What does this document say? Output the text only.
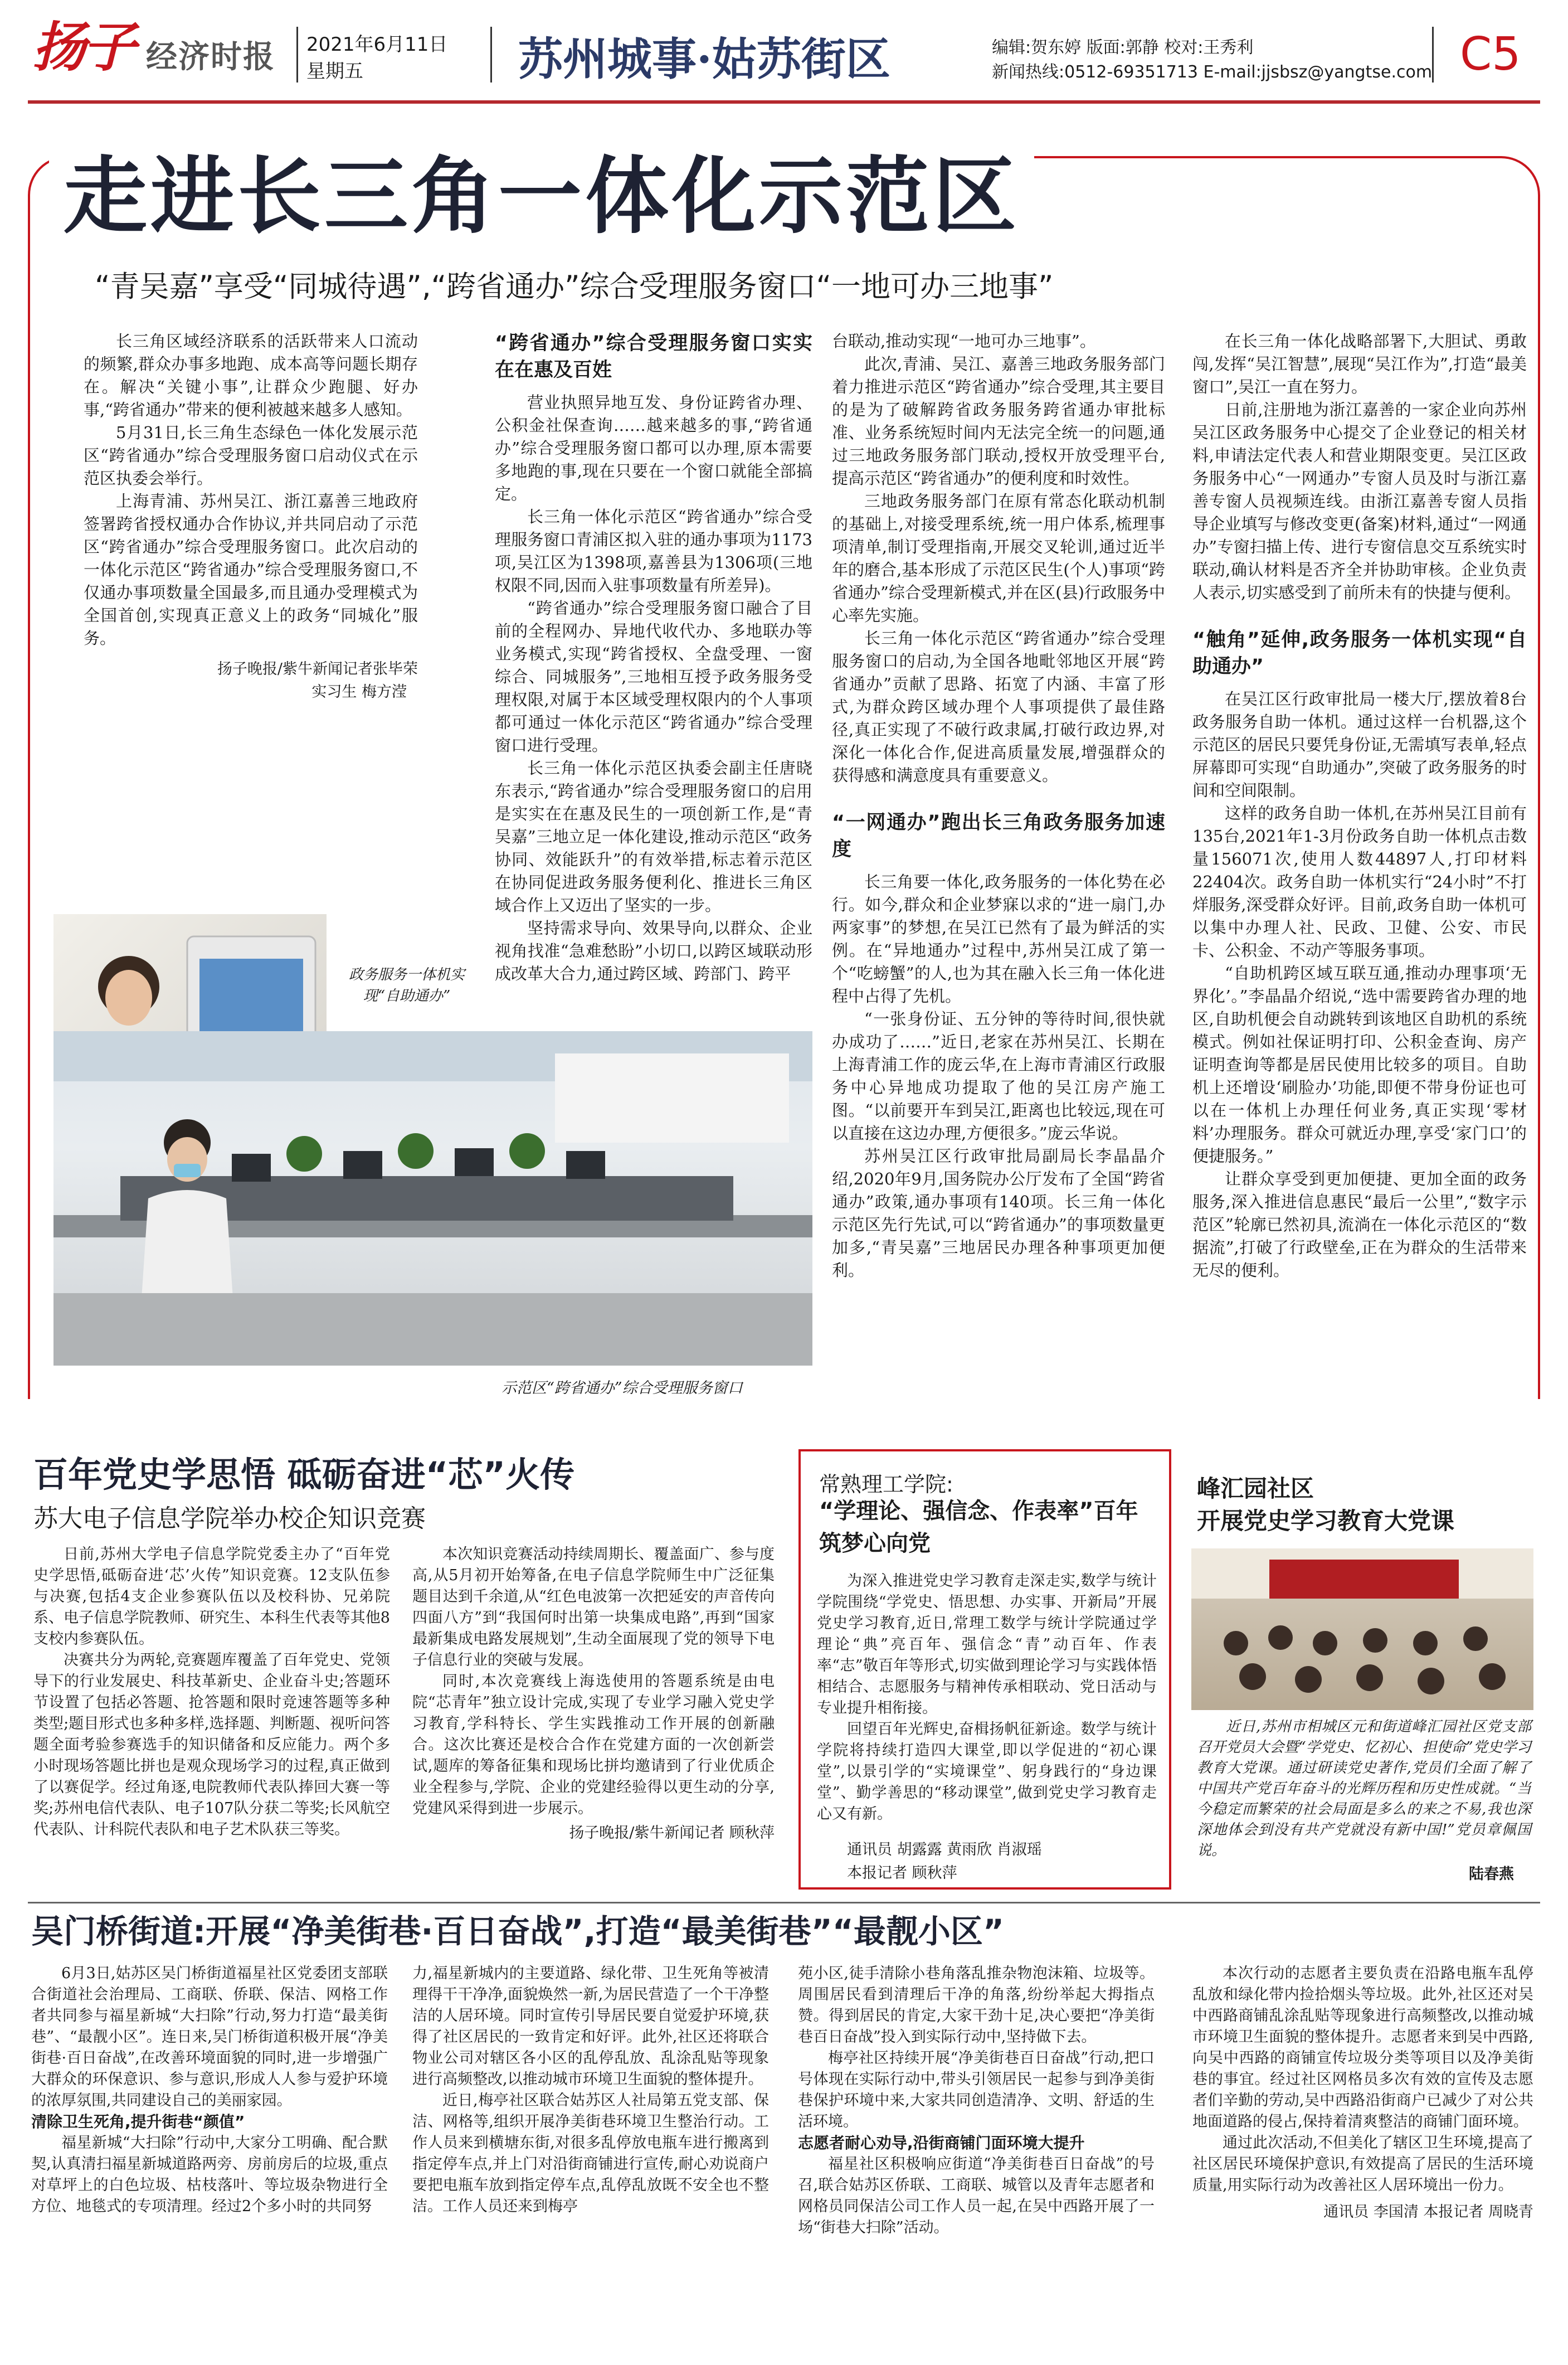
扬子 经济时报 2021年6月11日
星期五	苏州城事·姑苏街区	编辑:贺东婷 版面:郭静 校对:王秀利
新闻热线:0512-69351713 E-mail:jjsbsz@yangtse.com C5
走进长三角一体化示范区
“青吴嘉”享受“同城待遇”,“跨省通办”综合受理服务窗口“一地可办三地事”

长三角区域经济联系的活跃带来人口流动的频繁,群众办事多地跑、成本高等问题长期存在。解决“关键小事”,让群众少跑腿、好办事,“跨省通办”带来的便利被越来越多人感知。

5月31日,长三角生态绿色一体化发展示范区“跨省通办”综合受理服务窗口启动仪式在示范区执委会举行。

上海青浦、苏州吴江、浙江嘉善三地政府签署跨省授权通办合作协议,并共同启动了示范区“跨省通办”综合受理服务窗口。此次启动的一体化示范区“跨省通办”综合受理服务窗口,不仅通办事项数量全国最多,而且通办受理模式为全国首创,实现真正意义上的政务“同城化”服务。

扬子晚报/紫牛新闻记者张毕荣
实习生 梅方滢
“跨省通办”综合受理服务窗口实实在在惠及百姓

营业执照异地互发、身份证跨省办理、公积金社保查询……越来越多的事,“跨省通办”综合受理服务窗口都可以办理,原本需要多地跑的事,现在只要在一个窗口就能全部搞定。

长三角一体化示范区“跨省通办”综合受理服务窗口青浦区拟入驻的通办事项为1173项,吴江区为1398项,嘉善县为1306项(三地权限不同,因而入驻事项数量有所差异)。

“跨省通办”综合受理服务窗口融合了目前的全程网办、异地代收代办、多地联办等业务模式,实现“跨省授权、全盘受理、一窗综合、同城服务”,三地相互授予政务服务受理权限,对属于本区域受理权限内的个人事项都可通过一体化示范区“跨省通办”综合受理窗口进行受理。

长三角一体化示范区执委会副主任唐晓东表示,“跨省通办”综合受理服务窗口的启用是实实在在惠及民生的一项创新工作,是“青吴嘉”三地立足一体化建设,推动示范区“政务协同、效能跃升”的有效举措,标志着示范区在协同促进政务服务便利化、推进长三角区域合作上又迈出了坚实的一步。

坚持需求导向、效果导向,以群众、企业视角找准“急难愁盼”小切口,以跨区域联动形成改革大合力,通过跨区域、跨部门、跨平

台联动,推动实现“一地可办三地事”。

此次,青浦、吴江、嘉善三地政务服务部门着力推进示范区“跨省通办”综合受理,其主要目的是为了破解跨省政务服务跨省通办审批标准、业务系统短时间内无法完全统一的问题,通过三地政务服务部门联动,授权开放受理平台,提高示范区“跨省通办”的便利度和时效性。

三地政务服务部门在原有常态化联动机制的基础上,对接受理系统,统一用户体系,梳理事项清单,制订受理指南,开展交叉轮训,通过近半年的磨合,基本形成了示范区民生(个人)事项“跨省通办”综合受理新模式,并在区(县)行政服务中心率先实施。

长三角一体化示范区“跨省通办”综合受理服务窗口的启动,为全国各地毗邻地区开展“跨省通办”贡献了思路、拓宽了内涵、丰富了形式,为群众跨区域办理个人事项提供了最佳路径,真正实现了不破行政隶属,打破行政边界,对深化一体化合作,促进高质量发展,增强群众的获得感和满意度具有重要意义。

“一网通办”跑出长三角政务服务加速度

长三角要一体化,政务服务的一体化势在必行。如今,群众和企业梦寐以求的“进一扇门,办两家事”的梦想,在吴江已然有了最为鲜活的实例。在“异地通办”过程中,苏州吴江成了第一个“吃螃蟹”的人,也为其在融入长三角一体化进程中占得了先机。

“一张身份证、五分钟的等待时间,很快就办成功了……”近日,老家在苏州吴江、长期在上海青浦工作的庞云华,在上海市青浦区行政服务中心异地成功提取了他的吴江房产施工图。“以前要开车到吴江,距离也比较远,现在可以直接在这边办理,方便很多。”庞云华说。

苏州吴江区行政审批局副局长李晶晶介绍,2020年9月,国务院办公厅发布了全国“跨省通办”政策,通办事项有140项。长三角一体化示范区先行先试,可以“跨省通办”的事项数量更加多,“青吴嘉”三地居民办理各种事项更加便利。

在长三角一体化战略部署下,大胆试、勇敢闯,发挥“吴江智慧”,展现“吴江作为”,打造“最美窗口”,吴江一直在努力。

日前,注册地为浙江嘉善的一家企业向苏州吴江区政务服务中心提交了企业登记的相关材料,申请法定代表人和营业期限变更。吴江区政务服务中心“一网通办”专窗人员及时与浙江嘉善专窗人员视频连线。由浙江嘉善专窗人员指导企业填写与修改变更(备案)材料,通过“一网通办”专窗扫描上传、进行专窗信息交互系统实时联动,确认材料是否齐全并协助审核。企业负责人表示,切实感受到了前所未有的快捷与便利。

“触角”延伸,政务服务一体机实现“自助通办”

在吴江区行政审批局一楼大厅,摆放着8台政务服务自助一体机。通过这样一台机器,这个示范区的居民只要凭身份证,无需填写表单,轻点屏幕即可实现“自助通办”,突破了政务服务的时间和空间限制。

这样的政务自助一体机,在苏州吴江目前有135台,2021年1-3月份政务自助一体机点击数量156071次,使用人数44897人,打印材料22404次。政务自助一体机实行“24小时”不打烊服务,深受群众好评。目前,政务自助一体机可以集中办理人社、民政、卫健、公安、市民卡、公积金、不动产等服务事项。

“自助机跨区域互联互通,推动办理事项‘无界化’。”李晶晶介绍说,“选中需要跨省办理的地区,自助机便会自动跳转到该地区自助机的系统模式。例如社保证明打印、公积金查询、房产证明查询等都是居民使用比较多的项目。自助机上还增设‘刷脸办’功能,即便不带身份证也可以在一体机上办理任何业务,真正实现‘零材料’办理服务。群众可就近办理,享受‘家门口’的便捷服务。”

让群众享受到更加便捷、更加全面的政务服务,深入推进信息惠民“最后一公里”,“数字示范区”轮廓已然初具,流淌在一体化示范区的“数据流”,打破了行政壁垒,正在为群众的生活带来无尽的便利。

政务服务一体机实现“自助通办”
示范区“跨省通办”综合受理服务窗口
百年党史学思悟 砥砺奋进“芯”火传
苏大电子信息学院举办校企知识竞赛

日前,苏州大学电子信息学院党委主办了“百年党史学思悟,砥砺奋进‘芯’火传”知识竞赛。12支队伍参与决赛,包括4支企业参赛队伍以及校科协、兄弟院系、电子信息学院教师、研究生、本科生代表等其他8支校内参赛队伍。

决赛共分为两轮,竞赛题库覆盖了百年党史、党领导下的行业发展史、科技革新史、企业奋斗史;答题环节设置了包括必答题、抢答题和限时竞速答题等多种类型;题目形式也多种多样,选择题、判断题、视听问答题全面考验参赛选手的知识储备和反应能力。两个多小时现场答题比拼也是观众现场学习的过程,真正做到了以赛促学。经过角逐,电院教师代表队捧回大赛一等奖;苏州电信代表队、电子107队分获二等奖;长风航空代表队、计科院代表队和电子艺术队获三等奖。

本次知识竞赛活动持续周期长、覆盖面广、参与度高,从5月初开始筹备,在电子信息学院师生中广泛征集题目达到千余道,从“红色电波第一次把延安的声音传向四面八方”到“我国何时出第一块集成电路”,再到“国家最新集成电路发展规划”,生动全面展现了党的领导下电子信息行业的突破与发展。

同时,本次竞赛线上海选使用的答题系统是由电院“芯青年”独立设计完成,实现了专业学习融入党史学习教育,学科特长、学生实践推动工作开展的创新融合。这次比赛还是校合合作在党建方面的一次创新尝试,题库的筹备征集和现场比拼均邀请到了行业优质企业全程参与,学院、企业的党建经验得以更生动的分享,党建风采得到进一步展示。

扬子晚报/紫牛新闻记者 顾秋萍
常熟理工学院:
“学理论、强信念、作表率”百年筑梦心向党

为深入推进党史学习教育走深走实,数学与统计学院围绕“学党史、悟思想、办实事、开新局”开展党史学习教育,近日,常理工数学与统计学院通过学理论“典”亮百年、强信念“青”动百年、作表率“志”敬百年等形式,切实做到理论学习与实践体悟相结合、志愿服务与精神传承相联动、党日活动与专业提升相衔接。

回望百年光辉史,奋楫扬帆征新途。数学与统计学院将持续打造四大课堂,即以学促进的“初心课堂”,以景引学的“实境课堂”、躬身践行的“身边课堂”、勤学善思的“移动课堂”,做到党史学习教育走心又有新。

通讯员 胡露露 黄雨欣 肖淑瑶
本报记者 顾秋萍
峰汇园社区
开展党史学习教育大党课
近日,苏州市相城区元和街道峰汇园社区党支部召开党员大会暨“学党史、忆初心、担使命”党史学习教育大党课。通过研读党史著作,党员们全面了解了中国共产党百年奋斗的光辉历程和历史性成就。“当今稳定而繁荣的社会局面是多么的来之不易,我也深深地体会到没有共产党就没有新中国!”党员章佩国说。
陆春燕
吴门桥街道:开展“净美街巷·百日奋战”,打造“最美街巷”“最靓小区”

6月3日,姑苏区吴门桥街道福星社区党委团支部联合街道社会治理局、工商联、侨联、保洁、网格工作者共同参与福星新城“大扫除”行动,努力打造“最美街巷”、“最靓小区”。连日来,吴门桥街道积极开展“净美街巷·百日奋战”,在改善环境面貌的同时,进一步增强广大群众的环保意识、参与意识,形成人人参与爱护环境的浓厚氛围,共同建设自己的美丽家园。

清除卫生死角,提升街巷“颜值”

福星新城“大扫除”行动中,大家分工明确、配合默契,认真清扫福星新城道路两旁、房前房后的垃圾,重点对草坪上的白色垃圾、枯枝落叶、等垃圾杂物进行全方位、地毯式的专项清理。经过2个多小时的共同努

力,福星新城内的主要道路、绿化带、卫生死角等被清理得干干净净,面貌焕然一新,为居民营造了一个干净整洁的人居环境。同时宣传引导居民要自觉爱护环境,获得了社区居民的一致肯定和好评。此外,社区还将联合物业公司对辖区各小区的乱停乱放、乱涂乱贴等现象进行高频整改,以推动城市环境卫生面貌的整体提升。

近日,梅亭社区联合姑苏区人社局第五党支部、保洁、网格等,组织开展净美街巷环境卫生整治行动。工作人员来到横塘东街,对很多乱停放电瓶车进行搬离到指定停车点,并上门对沿街商铺进行宣传,耐心劝说商户要把电瓶车放到指定停车点,乱停乱放既不安全也不整洁。工作人员还来到梅亭

苑小区,徒手清除小巷角落乱推杂物泡沫箱、垃圾等。周围居民看到清理后干净的角落,纷纷举起大拇指点赞。得到居民的肯定,大家干劲十足,决心要把“净美街巷百日奋战”投入到实际行动中,坚持做下去。

梅亭社区持续开展“净美街巷百日奋战”行动,把口号体现在实际行动中,带头引领居民一起参与到净美街巷保护环境中来,大家共同创造清净、文明、舒适的生活环境。

志愿者耐心劝导,沿街商铺门面环境大提升

福星社区积极响应街道“净美街巷百日奋战”的号召,联合姑苏区侨联、工商联、城管以及青年志愿者和网格员同保洁公司工作人员一起,在吴中西路开展了一场“街巷大扫除”活动。

本次行动的志愿者主要负责在沿路电瓶车乱停乱放和绿化带内捡拾烟头等垃圾。此外,社区还对吴中西路商铺乱涂乱贴等现象进行高频整改,以推动城市环境卫生面貌的整体提升。志愿者来到吴中西路,向吴中西路的商铺宣传垃圾分类等项目以及净美街巷的事宜。经过社区网格员多次有效的宣传及志愿者们辛勤的劳动,吴中西路沿街商户已减少了对公共地面道路的侵占,保持着清爽整洁的商铺门面环境。

通过此次活动,不但美化了辖区卫生环境,提高了社区居民环境保护意识,有效提高了居民的生活环境质量,用实际行动为改善社区人居环境出一份力。

通讯员 李国清 本报记者 周晓青
